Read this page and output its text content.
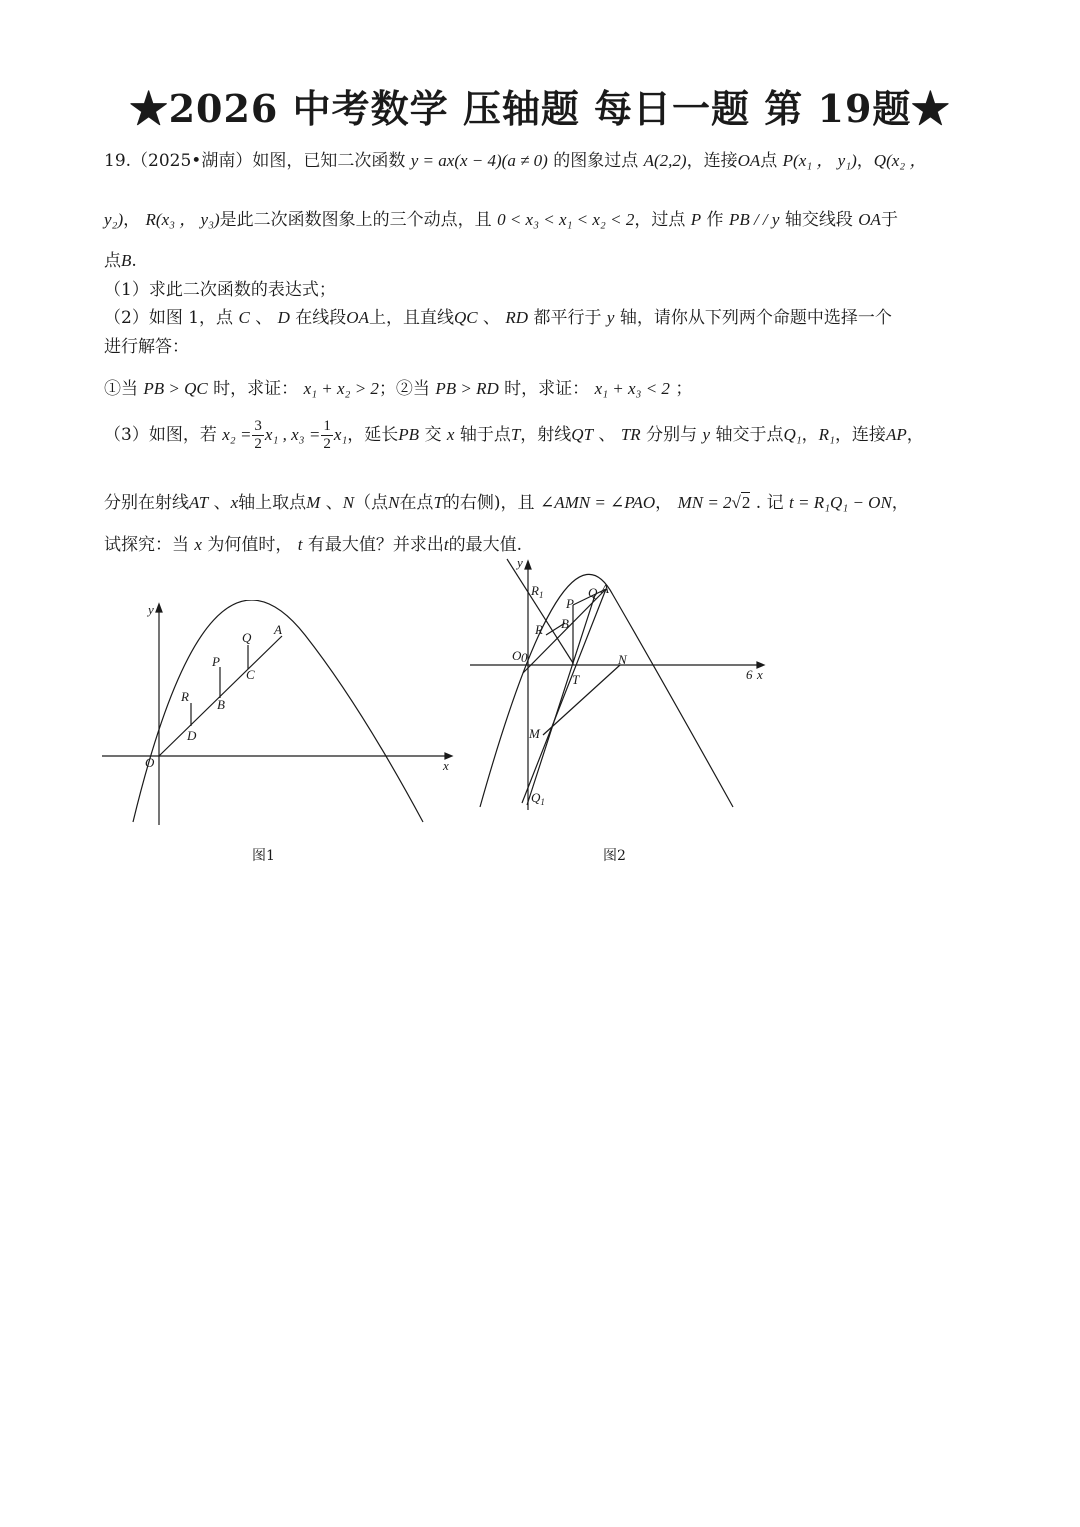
★2026 中考数学 压轴题 每日一题 第 19题★
19.（2025•湖南）如图，已知二次函数 y = ax(x − 4)(a ≠ 0) 的图象过点 A(2,2)，连接OA点 P(x₁ ， y₁)，Q(x₂ ，
y₂)， R(x₃ ， y₃)是此二次函数图象上的三个动点，且 0 < x₃ < x₁ < x₂ < 2，过点 P 作 PB / / y 轴交线段 OA于
点B.
（1）求此二次函数的表达式；
（2）如图 1，点 C 、 D 在线段OA上，且直线QC 、 RD 都平行于 y 轴，请你从下列两个命题中选择一个
进行解答：
①当 PB > QC 时，求证： x₁ + x₂ > 2；②当 PB > RD 时，求证： x₁ + x₃ < 2 ；
（3）如图，若 $x_2 = \frac{3}{2} x_1$ , $x_3 = \frac{1}{2} x_1$，延长PB 交 x 轴于点T，射线QT 、 TR 分别与 y 轴交于点Q₁，R₁，连接AP，
分别在射线AT 、x轴上取点M 、N（点N在点T的右侧)，且 ∠AMN = ∠PAO， MN = 2√2 . 记 t = R₁Q₁ − ON，
试探究：当 x 为何值时， t 有最大值？并求出t的最大值.
y
x
O
A
Q
C
P
B
R
D
图1
y
x
6
O 0
$R_1$
P
Q A
R B
N
T
M
$Q_1$
图2
